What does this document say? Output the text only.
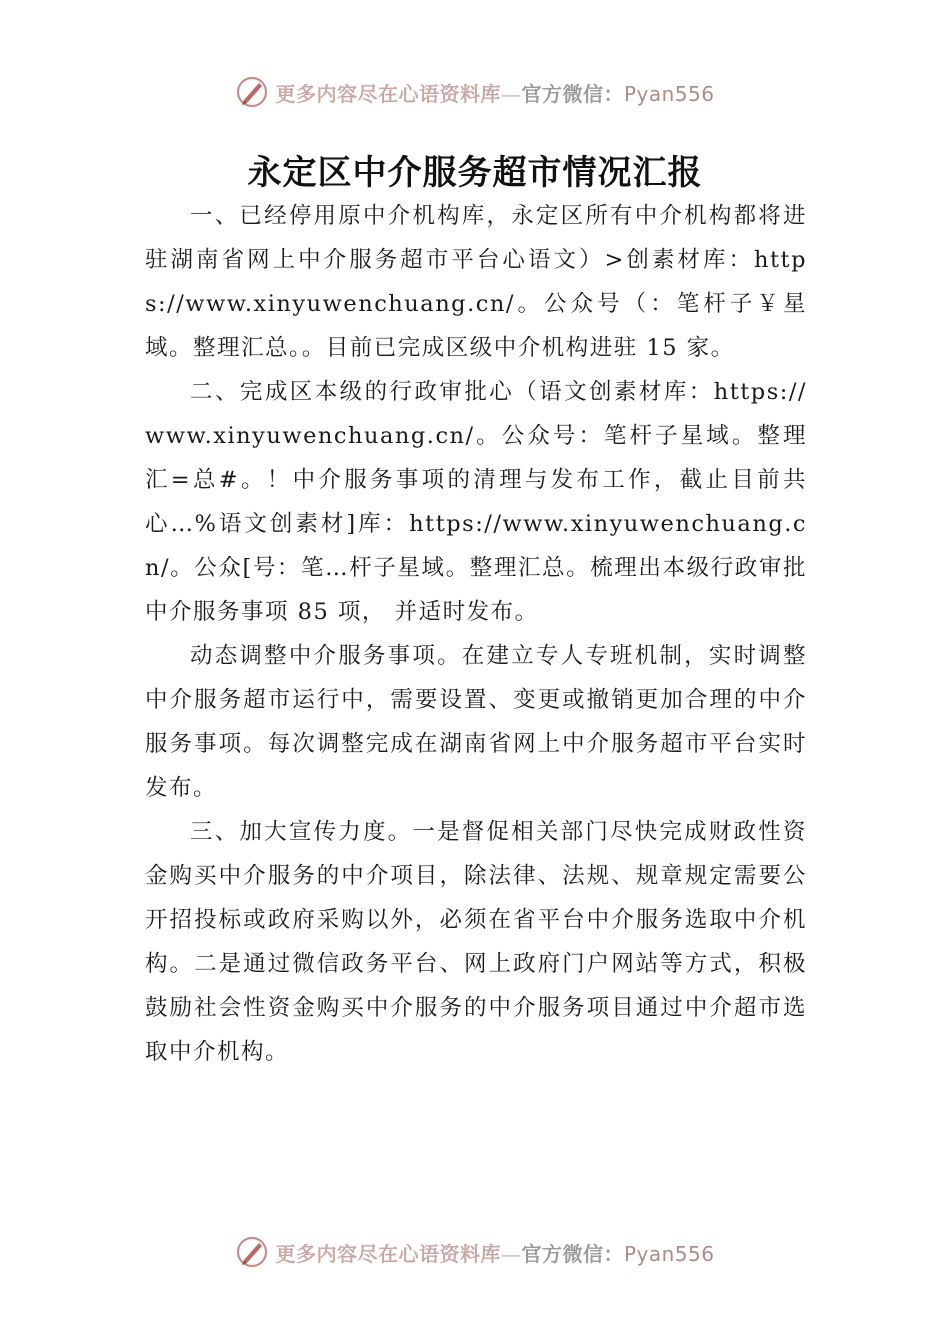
更多内容尽在心语资料库—官方微信：Pyan556
永定区中介服务超市情况汇报

一、已经停用原中介机构库，永定区所有中介机构都将进驻湖南省网上中介服务超市平台心语文）>创素材库：https://www.xinyuwenchuang.cn/。公众号（：笔杆子￥星域。整理汇总。。目前已完成区级中介机构进驻 15 家。

二、完成区本级的行政审批心（语文创素材库：https://www.xinyuwenchuang.cn/。公众号：笔杆子星域。整理汇=总#。！中介服务事项的清理与发布工作，截止目前共心…%语文创素材]库：https://www.xinyuwenchuang.cn/。公众[号：笔…杆子星域。整理汇总。梳理出本级行政审批中介服务事项 85 项， 并适时发布。

动态调整中介服务事项。在建立专人专班机制，实时调整中介服务超市运行中，需要设置、变更或撤销更加合理的中介服务事项。每次调整完成在湖南省网上中介服务超市平台实时发布。

三、加大宣传力度。一是督促相关部门尽快完成财政性资金购买中介服务的中介项目，除法律、法规、规章规定需要公开招投标或政府采购以外，必须在省平台中介服务选取中介机构。二是通过微信政务平台、网上政府门户网站等方式，积极鼓励社会性资金购买中介服务的中介服务项目通过中介超市选取中介机构。

更多内容尽在心语资料库—官方微信：Pyan556
